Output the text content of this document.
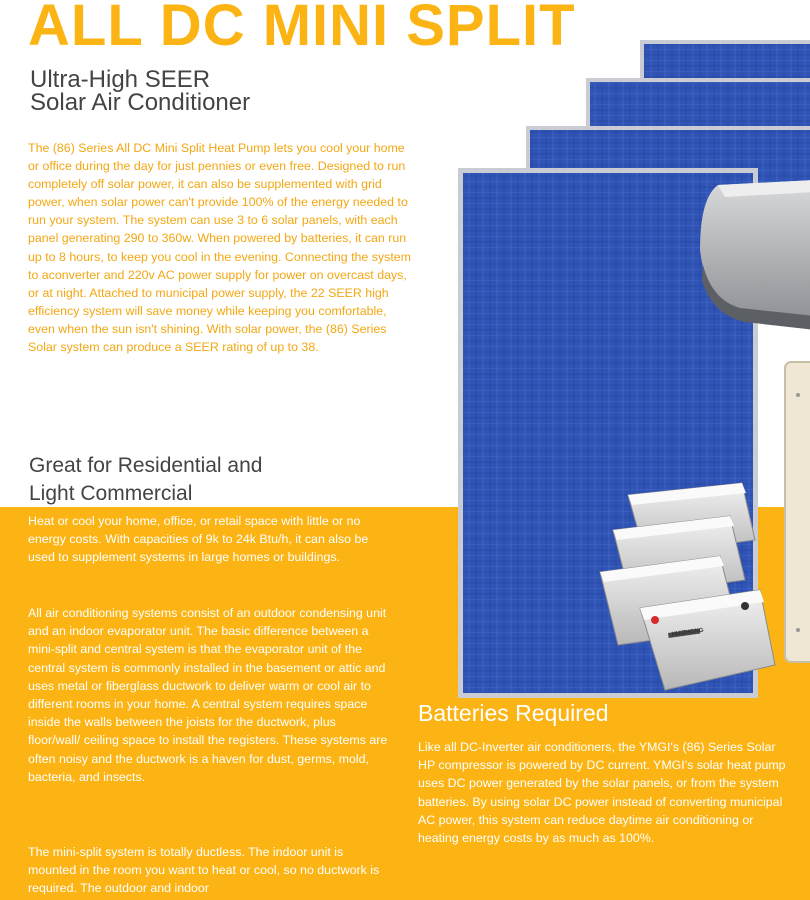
HUIZHONG
ALL DC MINI SPLIT
Ultra-High SEER
Solar Air Conditioner

The (86) Series All DC Mini Split Heat Pump lets you cool your home or office during the day for just pennies or even free. Designed to run completely off solar power, it can also be supplemented with grid power, when solar power can't provide 100% of the energy needed to run your system. The system can use 3 to 6 solar panels, with each panel generating 290 to 360w. When powered by batteries, it can run up to 8 hours, to keep you cool in the evening. Connecting the system to aconverter and 220v AC power supply for power on overcast days, or at night. Attached to municipal power supply, the 22 SEER high efficiency system will save money while keeping you comfortable, even when the sun isn't shining. With solar power, the (86) Series Solar system can produce a SEER rating of up to 38.

Great for Residential and
Light Commercial

Heat or cool your home, office, or retail space with little or no energy costs. With capacities of 9k to 24k Btu/h, it can also be used to supplement systems in large homes or buildings.

All air conditioning systems consist of an outdoor condensing unit and an indoor evaporator unit. The basic difference between a mini-split and central system is that the evaporator unit of the central system is commonly installed in the basement or attic and uses metal or fiberglass ductwork to deliver warm or cool air to different rooms in your home. A central system requires space inside the walls between the joists for the ductwork, plus floor/wall/ ceiling space to install the registers. These systems are often noisy and the ductwork is a haven for dust, germs, mold, bacteria, and insects.

The mini-split system is totally ductless. The indoor unit is mounted in the room you want to heat or cool, so no ductwork is required. The outdoor and indoor

Batteries Required

Like all DC-Inverter air conditioners, the YMGI's (86) Series Solar HP compressor is powered by DC current. YMGI's solar heat pump uses DC power generated by the solar panels, or from the system batteries. By using solar DC power instead of converting municipal AC power, this system can reduce daytime air conditioning or heating energy costs by as much as 100%.
